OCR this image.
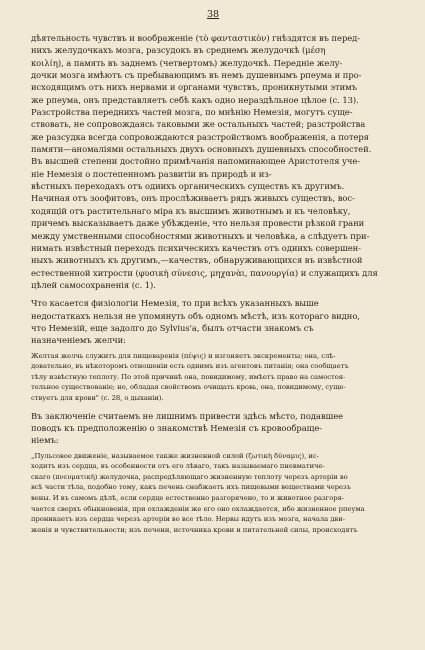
38
дѣятельность чувствъ и воображеніе (τὸ φανταστικὸν) гнѣздятся въ перед-
нихъ желудочкахъ мозга, разсудокъ въ среднемъ желудочкѣ (μέση
κοιλίη), а память въ заднемъ (четвертомъ) желудочкѣ. Передніе желу-
дочки мозга имѣютъ съ пребывающимъ въ немъ душевнымъ рпеума и про-
исходящимъ отъ нихъ нервами и органами чувствъ, проникнутыми этимъ
же рпеума, онъ представляетъ себѣ какъ одно нераздѣльное цѣлое (с. 13).
Разстройства переднихъ частей мозга, по мнѣнію Немезія, могутъ суще-
ствовать, не сопровождаясь таковыми же остальныхъ частей; разстройства
же разсудка всегда сопровождаются разстройствомъ воображенія, а потеря
памяти—аномаліями остальныхъ двухъ основныхъ душевныхъ способностей.
Въ высшей степени достойно примѣчанія напоминающее Аристотеля уче-
ніе Немезія о постепенномъ развитіи въ природѣ и из-
вѣстныхъ переходахъ отъ одиихъ органическихъ существъ къ другимъ.
Начиная отъ зоофитовъ, онъ прослѣживаетъ рядъ живыхъ существъ, вос-
ходящій отъ растительнаго міра къ высшимъ животнымъ и къ человѣку,
причемъ высказываетъ даже убѣжденіе, что нельзя провести рѣзкой грани
между умственными способностями животныхъ и человѣка, а слѣдуетъ при-
нимать извѣстный переходъ психическихъ качествъ отъ одиихъ совершен-
ныхъ животныхъ къ другимъ,—качествъ, обнаруживающихся въ извѣстной
естественной хитрости (φυσικὴ σύνεσις, μηχανὰι, πανουργία) и служащихъ для
цѣлей самосохраненія (с. 1).
Что касается физіологіи Немезія, то при всѣхъ указанныхъ выше
недостаткахъ нельзя не упомянуть объ одномъ мѣстѣ, изъ котораго видно,
что Немезій, еще задолго до Sylvius'a, былъ отчасти знакомъ съ
назначеніемъ желчи:
Желтая желчь служитъ для пищеваренія (πέψις) и изгоняетъ экскременты; она, слѣ-
довательно, въ нѣкоторомъ отношеніи есть однимъ изъ агентовъ питанія; она сообщаетъ
тѣлу извѣстную теплоту. По этой причинѣ она, повидимому, имѣетъ право на самостоя-
тельное существованіе; но, обладая свойствомъ очищать кровь, она, повидимому, суще-
ствуетъ для крови" (с. 28, о дыханіи).
Въ заключеніе считаемъ не лишнимъ привести здѣсь мѣсто, подавшее
поводъ къ предположенію о знакомствѣ Немезія съ кровообраще-
ніемъ:
„Пульсовое движеніе, называемое также жизненной силой (ζωτικὴ δύναμις), ис-
ходитъ изъ сердца, въ особенности отъ его лѣваго, такъ называемаго пневматиче-
скаго (πνευματικὴ) желудочка, распредѣляющаго жизненную теплоту черезъ артеріи во
всѣ части тѣла, подобно тому, какъ печень снабжаетъ ихъ пищевыми веществами черезъ
вены. И въ самомъ дѣлѣ, если сердце естественно разгорячено, то и животное разгоря-
чается сверхъ обыкновенія, при охлажденіи же его оно охлаждается, ибо жизненное рпеума
проникаетъ изъ сердца черезъ артеріи во все тѣло. Нервы идутъ изъ мозга, начала дви-
женія и чувствительности; изъ печени, источника крови и питательной силы, происходятъ
